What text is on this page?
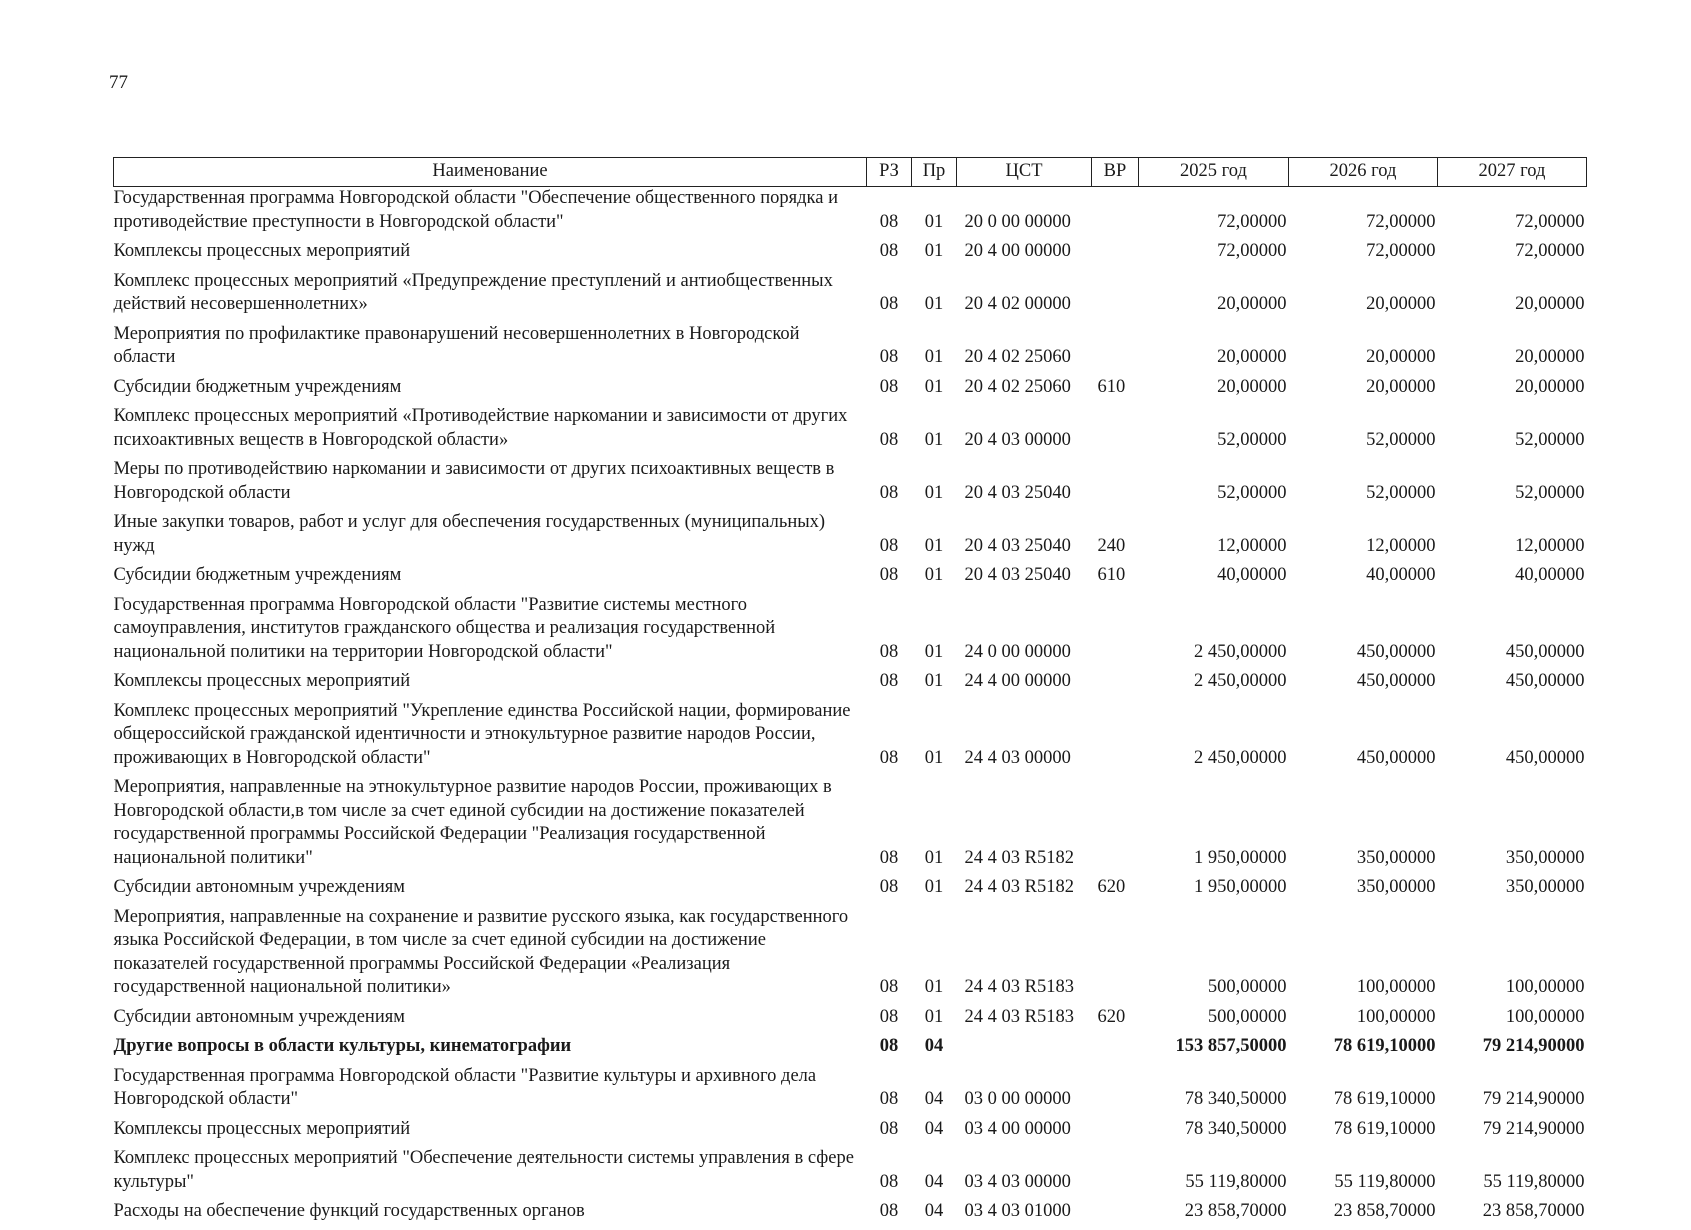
77
Наименование	РЗ	Пр	ЦСТ	ВР	2025 год	2026 год	2027 год
Государственная программа Новгородской области "Обеспечение общественного порядка и противодействие преступности в Новгородской области"	08	01	20 0 00 00000		72,00000	72,00000	72,00000
Комплексы процессных мероприятий	08	01	20 4 00 00000		72,00000	72,00000	72,00000
Комплекс процессных мероприятий «Предупреждение преступлений и антиобщественных действий несовершеннолетних»	08	01	20 4 02 00000		20,00000	20,00000	20,00000
Мероприятия по профилактике правонарушений несовершеннолетних в Новгородской области	08	01	20 4 02 25060		20,00000	20,00000	20,00000
Субсидии бюджетным учреждениям	08	01	20 4 02 25060	610	20,00000	20,00000	20,00000
Комплекс процессных мероприятий «Противодействие наркомании и зависимости от других психоактивных веществ в Новгородской области»	08	01	20 4 03 00000		52,00000	52,00000	52,00000
Меры по противодействию наркомании и зависимости от других психоактивных веществ в Новгородской области	08	01	20 4 03 25040		52,00000	52,00000	52,00000
Иные закупки товаров, работ и услуг для обеспечения государственных (муниципальных) нужд	08	01	20 4 03 25040	240	12,00000	12,00000	12,00000
Субсидии бюджетным учреждениям	08	01	20 4 03 25040	610	40,00000	40,00000	40,00000
Государственная программа Новгородской области "Развитие системы местного самоуправления, институтов гражданского общества и реализация государственной национальной политики на территории Новгородской области"	08	01	24 0 00 00000		2 450,00000	450,00000	450,00000
Комплексы процессных мероприятий	08	01	24 4 00 00000		2 450,00000	450,00000	450,00000
Комплекс процессных мероприятий "Укрепление единства Российской нации, формирование общероссийской гражданской идентичности и этнокультурное развитие народов России, проживающих в Новгородской области"	08	01	24 4 03 00000		2 450,00000	450,00000	450,00000
Мероприятия, направленные на этнокультурное развитие народов России, проживающих в Новгородской области,в том числе за счет единой субсидии на достижение показателей государственной программы Российской Федерации "Реализация государственной национальной политики"	08	01	24 4 03 R5182		1 950,00000	350,00000	350,00000
Субсидии автономным учреждениям	08	01	24 4 03 R5182	620	1 950,00000	350,00000	350,00000
Мероприятия, направленные на сохранение и развитие русского языка, как государственного языка Российской Федерации, в том числе за счет единой субсидии на достижение показателей государственной программы Российской Федерации «Реализация государственной национальной политики»	08	01	24 4 03 R5183		500,00000	100,00000	100,00000
Субсидии автономным учреждениям	08	01	24 4 03 R5183	620	500,00000	100,00000	100,00000
Другие вопросы в области культуры, кинематографии	08	04			153 857,50000	78 619,10000	79 214,90000
Государственная программа Новгородской области "Развитие культуры и архивного дела Новгородской области"	08	04	03 0 00 00000		78 340,50000	78 619,10000	79 214,90000
Комплексы процессных мероприятий	08	04	03 4 00 00000		78 340,50000	78 619,10000	79 214,90000
Комплекс процессных мероприятий "Обеспечение деятельности системы управления в сфере культуры"	08	04	03 4 03 00000		55 119,80000	55 119,80000	55 119,80000
Расходы на обеспечение функций государственных органов	08	04	03 4 03 01000		23 858,70000	23 858,70000	23 858,70000
